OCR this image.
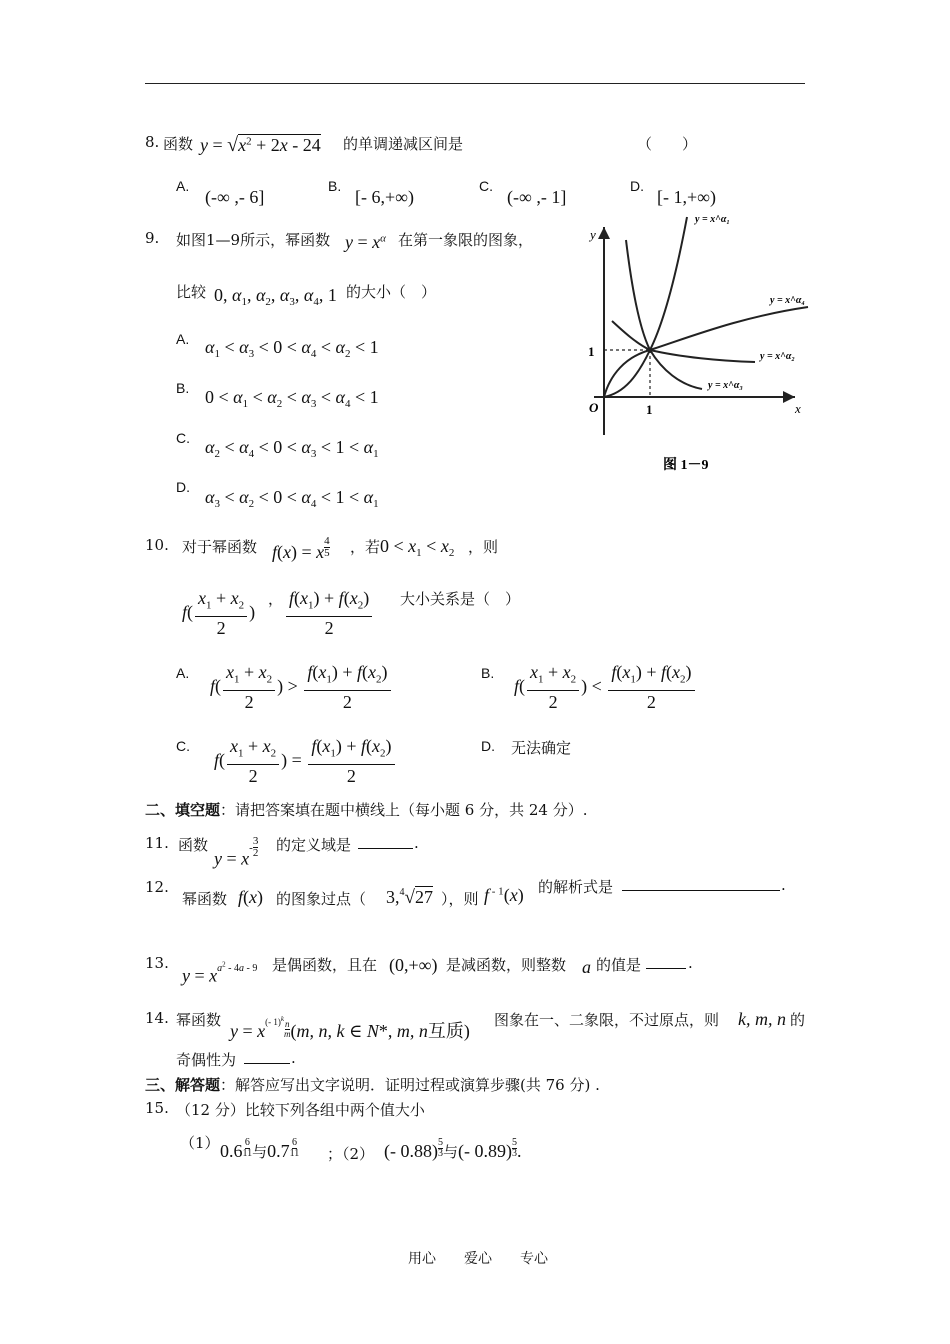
8. 函数 $y = √x^2 + 2x - 24$ 的单调递减区间是	（　　）
A.
(-∞ ,- 6]
B.
[- 6,+∞)
C.
(-∞ ,- 1]
D.
[- 1,+∞)
9. 如图1—9所示，幂函数 $y = x^\alpha$ 在第一象限的图象，
比较 0, $\alpha_1$, $\alpha_2$, $\alpha_3$, $\alpha_4$, 1 的大小（　）
A. $\alpha_1 < \alpha_3 < 0 < \alpha_4 < \alpha_2 < 1$
B. $0 < \alpha_1 < \alpha_2 < \alpha_3 < \alpha_4 < 1$
C. $\alpha_2 < \alpha_4 < 0 < \alpha_3 < 1 < \alpha_1$
D. $\alpha_3 < \alpha_2 < 0 < \alpha_4 < 1 < \alpha_1$
y
x
O	1
1
y = x^α₁
y = x^α₄
y = x^α₂
y = x^α₃
图 1－9
10. 对于幂函数 f(x) = x $\frac{4}{5}$ ，若 $0 < x_1 < x_2$ ，则
$f( \frac{x_1 + x_2}{2}$ )
， $\frac{f(x_1) + f(x_2)}{2}$ 大小关系是（　）
A.
$f( \frac{x_1 + x_2}{2}$ ) > $\frac{f(x_1) + f(x_2)}{2}$	B.
$f( \frac{x_1 + x_2}{2}$ ) < $\frac{f(x_1) + f(x_2)}{2}$
C.
$f( \frac{x_1 + x_2}{2}$ ) = $\frac{f(x_1) + f(x_2)}{2}$	D. 无法确定
二、填空题：请把答案填在题中横线上（每小题 6 分，共 24 分）.
11. 函数
y = x-
3
2 的定义域是	.
12.
幂函数 f(x) 的图象过点（ 3,$^4$√27 ），则 f $^{- 1}$(x) 的解析式是	.
13.
$y = x^{a^2 - 4a - 9}$ 是偶函数，且在 (0,+∞) 是减函数，则整数 a 的值是	.
14. 幂函数
$y = x^{(- 1)^k \frac{n}{m}}$ (m, n, k ∈ N*, m, n互质)
图象在一、二象限，不过原点，则 k, m, n 的
奇偶性为	.
三、解答题：解答应写出文字说明．证明过程或演算步骤(共 76 分) .
15. （12 分）比较下列各组中两个值大小
（1） $0.6 \frac{6}{11}$ 与$0.7 \frac{6}{11}$ ；（2） (- $0.88) \frac{5}{3}$ 与(- $0.89) \frac{5}{3}$ .
用心　　爱心　　专心
